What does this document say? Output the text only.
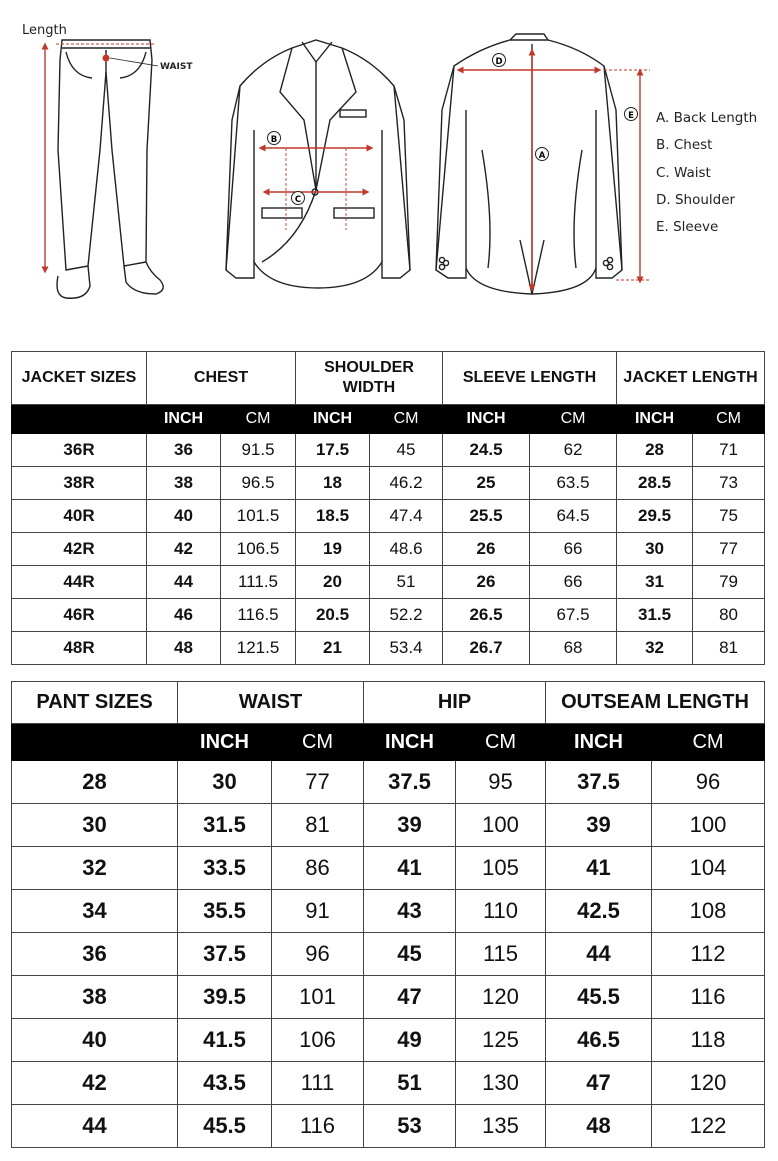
B
C
D
A
E
Length
WAIST
A. Back Length
B. Chest
C. Waist
D. Shoulder
E. Sleeve
JACKET SIZES	CHEST		SHOULDER WIDTH		SLEEVE LENGTH		JACKET LENGTH	
	INCH	CM	INCH	CM	INCH	CM	INCH	CM
36R	36	91.5	17.5	45	24.5	62	28	71
38R	38	96.5	18	46.2	25	63.5	28.5	73
40R	40	101.5	18.5	47.4	25.5	64.5	29.5	75
42R	42	106.5	19	48.6	26	66	30	77
44R	44	111.5	20	51	26	66	31	79
46R	46	116.5	20.5	52.2	26.5	67.5	31.5	80
48R	48	121.5	21	53.4	26.7	68	32	81
PANT SIZES	WAIST		HIP		OUTSEAM LENGTH	
	INCH	CM	INCH	CM	INCH	CM
28	30	77	37.5	95	37.5	96
30	31.5	81	39	100	39	100
32	33.5	86	41	105	41	104
34	35.5	91	43	110	42.5	108
36	37.5	96	45	115	44	112
38	39.5	101	47	120	45.5	116
40	41.5	106	49	125	46.5	118
42	43.5	111	51	130	47	120
44	45.5	116	53	135	48	122
